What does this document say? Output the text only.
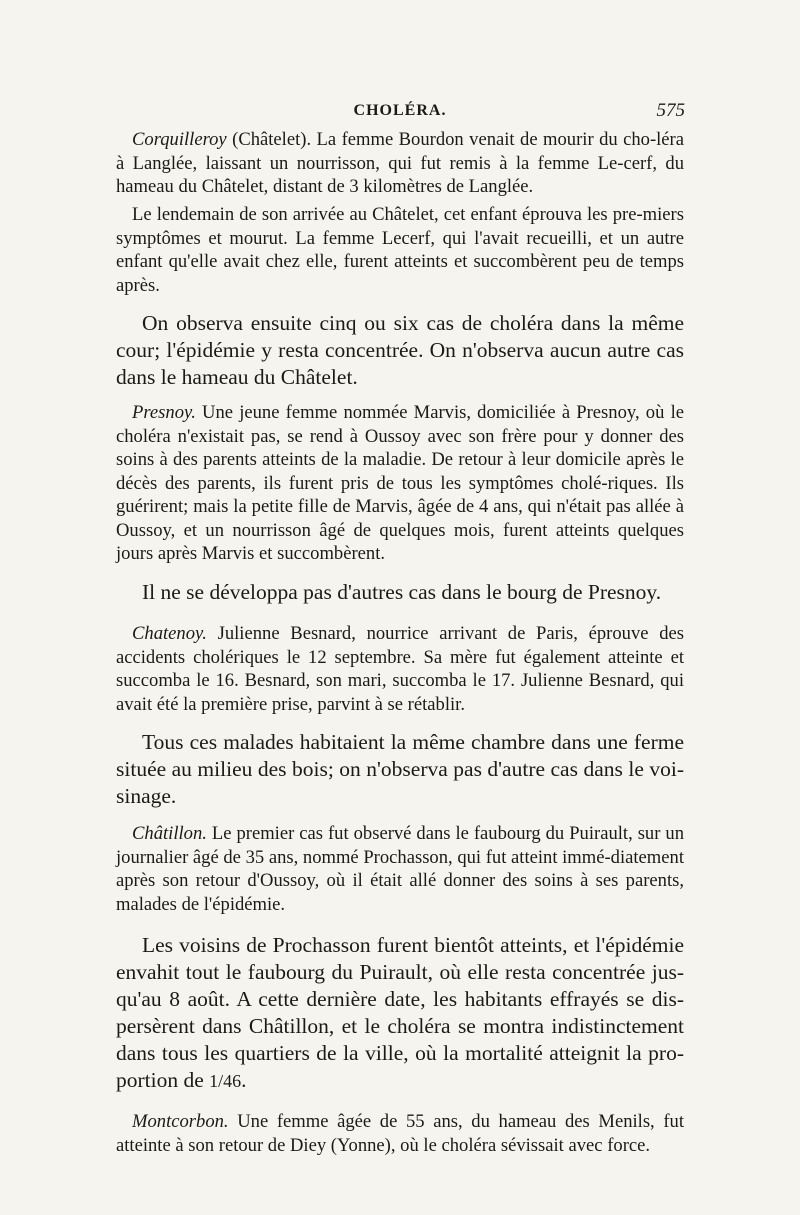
CHOLÉRA.	575

Corquilleroy (Châtelet). La femme Bourdon venait de mourir du cho-léra à Langlée, laissant un nourrisson, qui fut remis à la femme Le-cerf, du hameau du Châtelet, distant de 3 kilomètres de Langlée.

Le lendemain de son arrivée au Châtelet, cet enfant éprouva les pre-miers symptômes et mourut. La femme Lecerf, qui l'avait recueilli, et un autre enfant qu'elle avait chez elle, furent atteints et succombèrent peu de temps après.

On observa ensuite cinq ou six cas de choléra dans la même cour; l'épidémie y resta concentrée. On n'observa aucun autre cas dans le hameau du Châtelet.

Presnoy. Une jeune femme nommée Marvis, domiciliée à Presnoy, où le choléra n'existait pas, se rend à Oussoy avec son frère pour y donner des soins à des parents atteints de la maladie. De retour à leur domicile après le décès des parents, ils furent pris de tous les symptômes cholé-riques. Ils guérirent; mais la petite fille de Marvis, âgée de 4 ans, qui n'était pas allée à Oussoy, et un nourrisson âgé de quelques mois, furent atteints quelques jours après Marvis et succombèrent.

Il ne se développa pas d'autres cas dans le bourg de Presnoy.

Chatenoy. Julienne Besnard, nourrice arrivant de Paris, éprouve des accidents cholériques le 12 septembre. Sa mère fut également atteinte et succomba le 16. Besnard, son mari, succomba le 17. Julienne Besnard, qui avait été la première prise, parvint à se rétablir.

Tous ces malades habitaient la même chambre dans une ferme située au milieu des bois; on n'observa pas d'autre cas dans le voi-sinage.

Châtillon. Le premier cas fut observé dans le faubourg du Puirault, sur un journalier âgé de 35 ans, nommé Prochasson, qui fut atteint immé-diatement après son retour d'Oussoy, où il était allé donner des soins à ses parents, malades de l'épidémie.

Les voisins de Prochasson furent bientôt atteints, et l'épidémie envahit tout le faubourg du Puirault, où elle resta concentrée jus-qu'au 8 août. A cette dernière date, les habitants effrayés se dis-persèrent dans Châtillon, et le choléra se montra indistinctement dans tous les quartiers de la ville, où la mortalité atteignit la pro-portion de 1/46.

Montcorbon. Une femme âgée de 55 ans, du hameau des Menils, fut atteinte à son retour de Diey (Yonne), où le choléra sévissait avec force.
